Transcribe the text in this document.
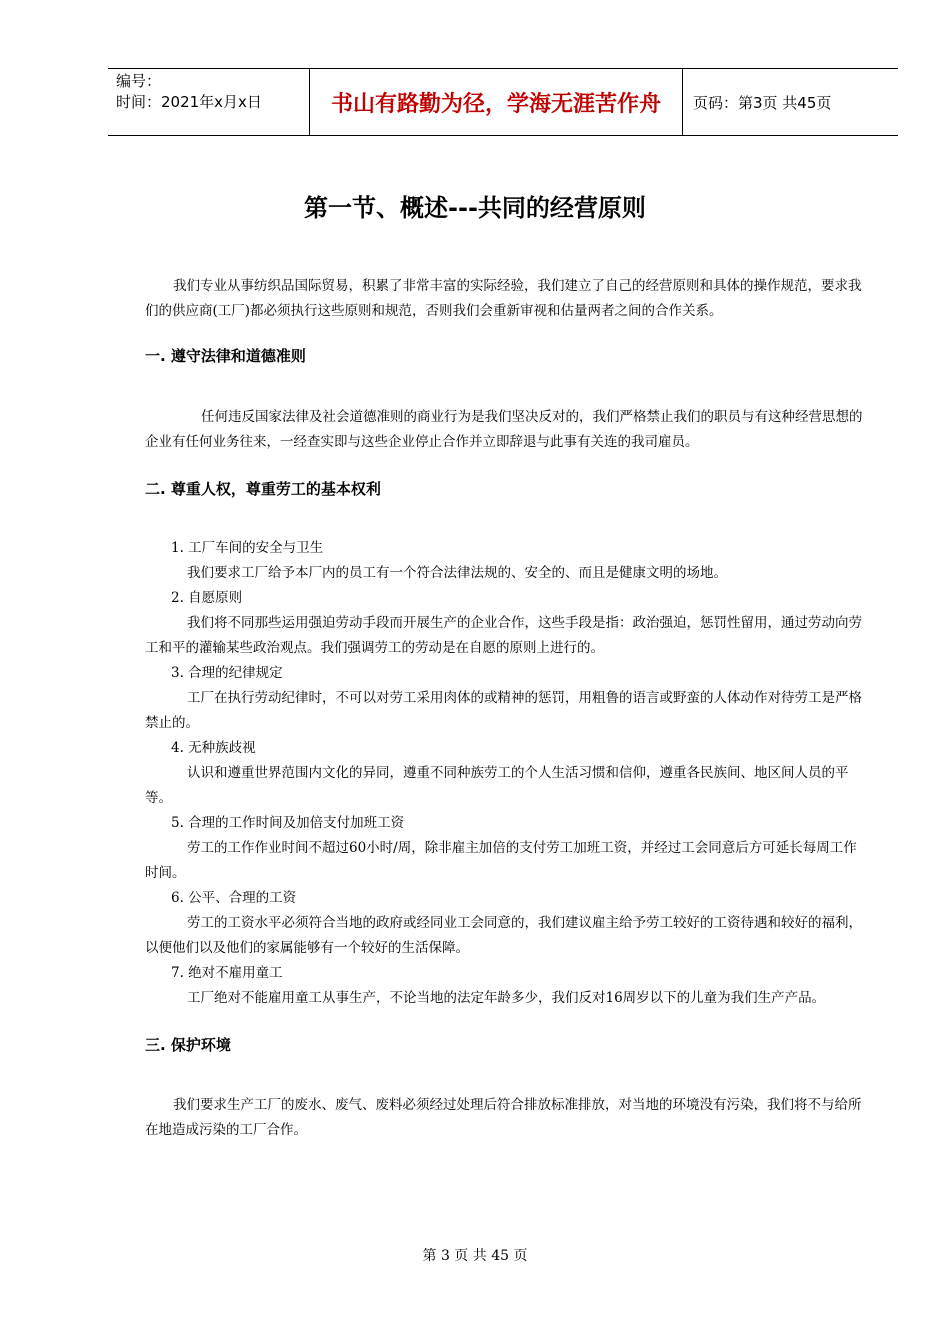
编号：
时间：2021年x月x日	书山有路勤为径，学海无涯苦作舟	页码：第3页 共45页
第一节、概述---共同的经营原则

我们专业从事纺织品国际贸易，积累了非常丰富的实际经验，我们建立了自己的经营原则和具体的操作规范，要求我们的供应商(工厂)都必须执行这些原则和规范，否则我们会重新审视和估量两者之间的合作关系。

一. 遵守法律和道德准则

任何违反国家法律及社会道德准则的商业行为是我们坚决反对的，我们严格禁止我们的职员与有这种经营思想的企业有任何业务往来，一经查实即与这些企业停止合作并立即辞退与此事有关连的我司雇员。

二. 尊重人权，尊重劳工的基本权利

1. 工厂车间的安全与卫生

我们要求工厂给予本厂内的员工有一个符合法律法规的、安全的、而且是健康文明的场地。

2. 自愿原则

我们将不同那些运用强迫劳动手段而开展生产的企业合作，这些手段是指：政治强迫，惩罚性留用，通过劳动向劳工和平的灌输某些政治观点。我们强调劳工的劳动是在自愿的原则上进行的。

3. 合理的纪律规定

工厂在执行劳动纪律时，不可以对劳工采用肉体的或精神的惩罚，用粗鲁的语言或野蛮的人体动作对待劳工是严格禁止的。

4. 无种族歧视

认识和遵重世界范围内文化的异同，遵重不同种族劳工的个人生活习惯和信仰，遵重各民族间、地区间人员的平等。

5. 合理的工作时间及加倍支付加班工资

劳工的工作作业时间不超过60小时/周，除非雇主加倍的支付劳工加班工资，并经过工会同意后方可延长每周工作时间。

6. 公平、合理的工资

劳工的工资水平必须符合当地的政府或经同业工会同意的，我们建议雇主给予劳工较好的工资待遇和较好的福利，以便他们以及他们的家属能够有一个较好的生活保障。

7. 绝对不雇用童工

工厂绝对不能雇用童工从事生产，不论当地的法定年龄多少，我们反对16周岁以下的儿童为我们生产产品。

三. 保护环境

我们要求生产工厂的废水、废气、废料必须经过处理后符合排放标准排放，对当地的环境没有污染，我们将不与给所在地造成污染的工厂合作。

第 3 页 共 45 页
